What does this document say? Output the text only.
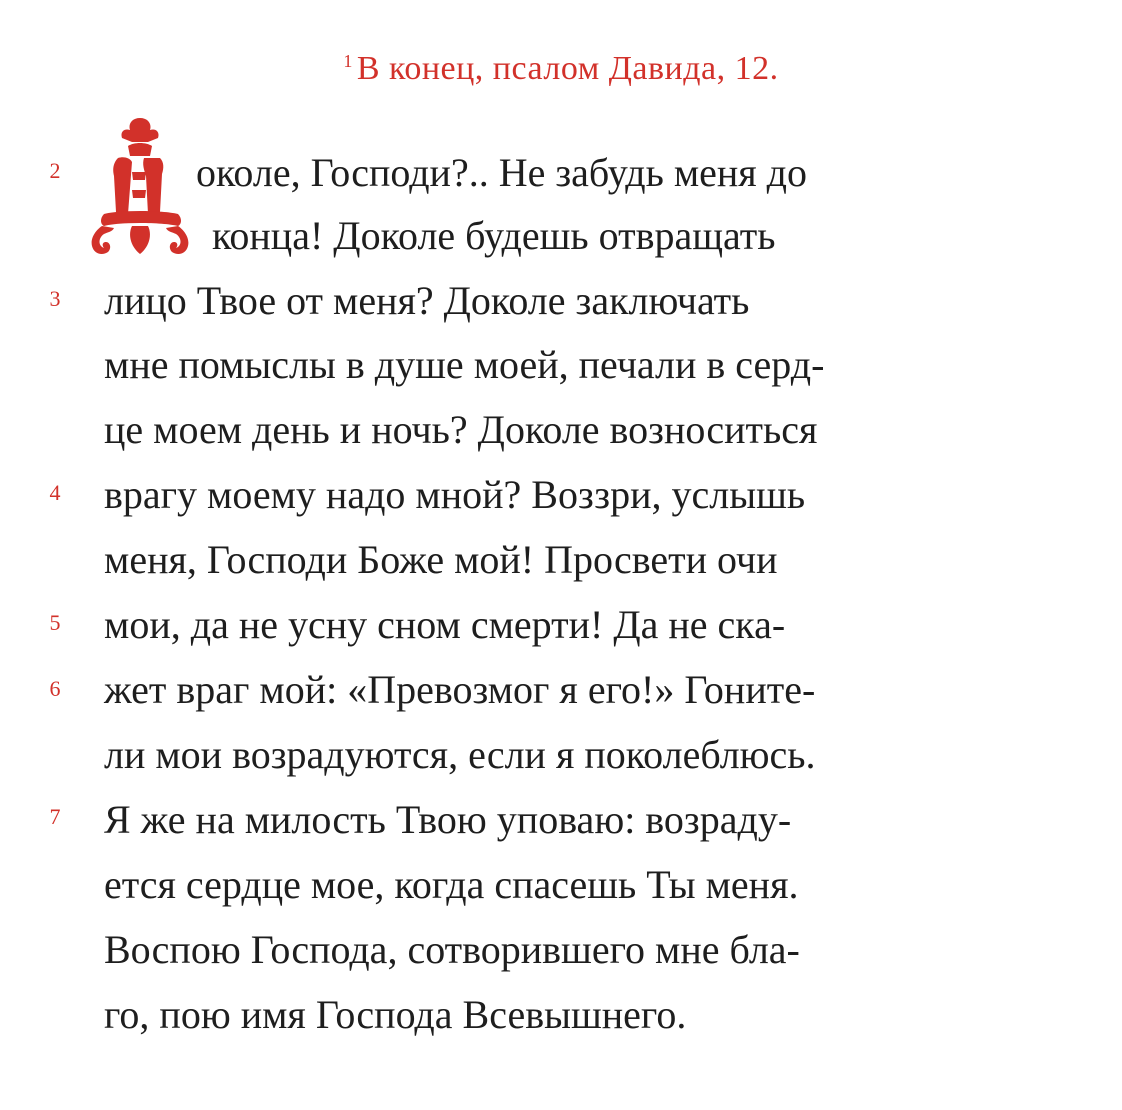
$^1$ В конец, псалом Давида, 12.
2
3
4
5
6
7
околе, Господи?.. Не забудь меня до
конца! Доколе будешь отвращать
лицо Твое от меня? Доколе заключать
мне помыслы в душе моей, печали в серд-
це моем день и ночь? Доколе возноситься
врагу моему надо мной? Воззри, услышь
меня, Господи Боже мой! Просвети очи
мои, да не усну сном смерти! Да не ска-
жет враг мой: «Превозмог я его!» Гоните-
ли мои возрадуются, если я поколеблюсь.
Я же на милость Твою уповаю: возраду-
ется сердце мое, когда спасешь Ты меня.
Воспою Господа, сотворившего мне бла-
го, пою имя Господа Всевышнего.
